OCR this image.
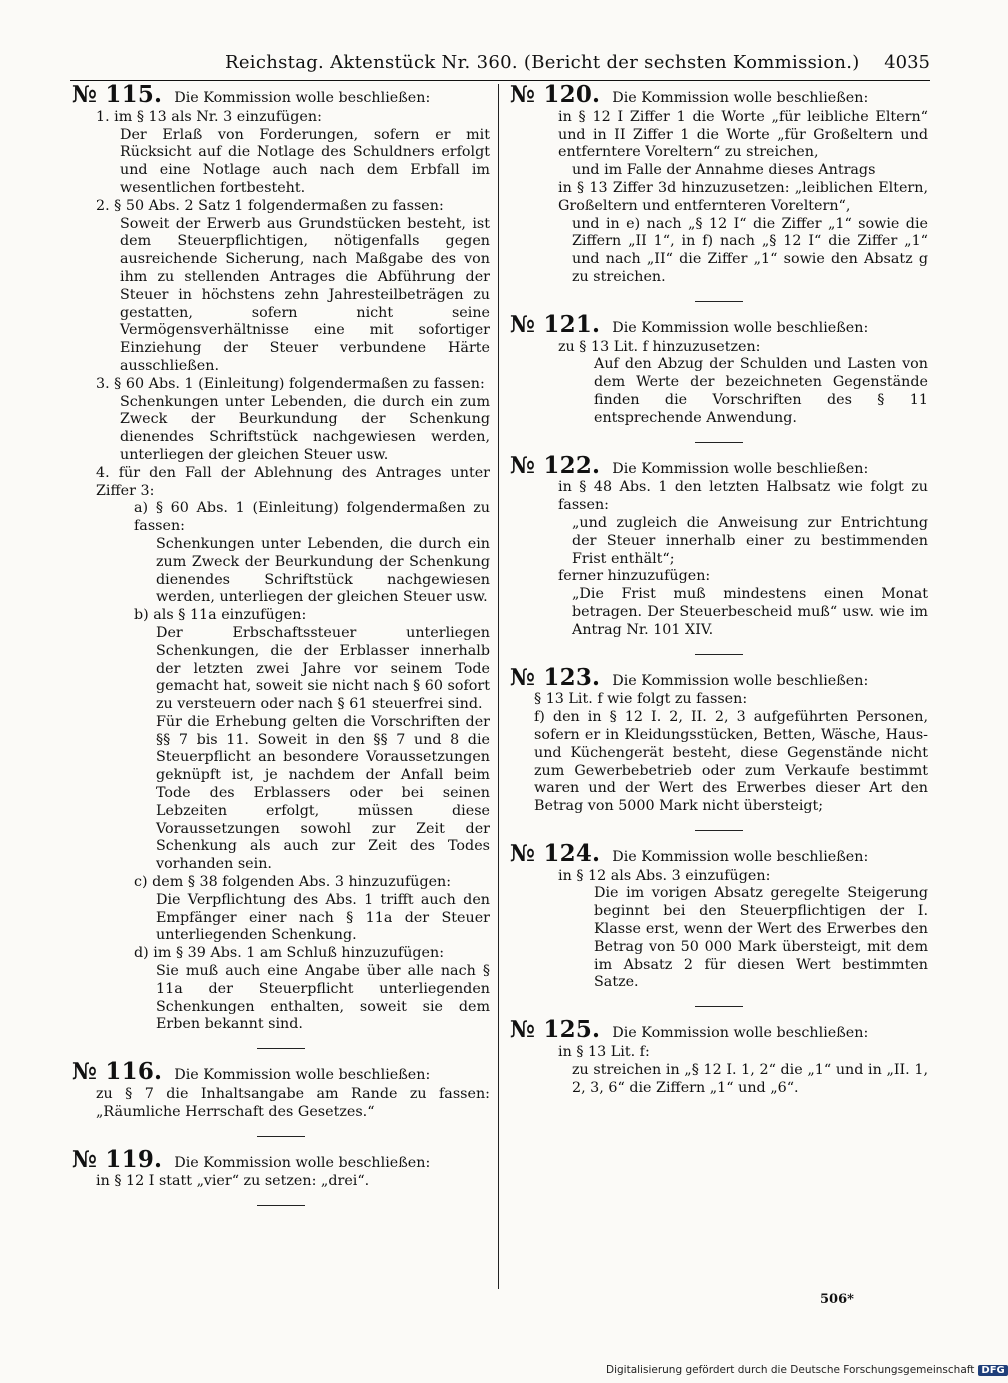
Reichstag. Aktenstück Nr. 360. (Bericht der sechsten Kommission.) 4035
№ 115. Die Kommission wolle beschließen:

1. im § 13 als Nr. 3 einzufügen:

Der Erlaß von Forderungen, sofern er mit Rücksicht auf die Notlage des Schuldners erfolgt und eine Notlage auch nach dem Erbfall im wesentlichen fortbesteht.

2. § 50 Abs. 2 Satz 1 folgendermaßen zu fassen:

Soweit der Erwerb aus Grundstücken besteht, ist dem Steuerpflichtigen, nötigenfalls gegen ausreichende Sicherung, nach Maßgabe des von ihm zu stellenden Antrages die Abführung der Steuer in höchstens zehn Jahresteilbeträgen zu gestatten, sofern nicht seine Vermögensverhältnisse eine mit sofortiger Einziehung der Steuer verbundene Härte ausschließen.

3. § 60 Abs. 1 (Einleitung) folgendermaßen zu fassen:

Schenkungen unter Lebenden, die durch ein zum Zweck der Beurkundung der Schenkung dienendes Schriftstück nachgewiesen werden, unterliegen der gleichen Steuer usw.

4. für den Fall der Ablehnung des Antrages unter Ziffer 3:

a) § 60 Abs. 1 (Einleitung) folgendermaßen zu fassen:

Schenkungen unter Lebenden, die durch ein zum Zweck der Beurkundung der Schenkung dienendes Schriftstück nachgewiesen werden, unterliegen der gleichen Steuer usw.

b) als § 11a einzufügen:

Der Erbschaftssteuer unterliegen Schenkungen, die der Erblasser innerhalb der letzten zwei Jahre vor seinem Tode gemacht hat, soweit sie nicht nach § 60 sofort zu versteuern oder nach § 61 steuerfrei sind.

Für die Erhebung gelten die Vorschriften der §§ 7 bis 11. Soweit in den §§ 7 und 8 die Steuerpflicht an besondere Voraussetzungen geknüpft ist, je nachdem der Anfall beim Tode des Erblassers oder bei seinen Lebzeiten erfolgt, müssen diese Voraussetzungen sowohl zur Zeit der Schenkung als auch zur Zeit des Todes vorhanden sein.

c) dem § 38 folgenden Abs. 3 hinzuzufügen:

Die Verpflichtung des Abs. 1 trifft auch den Empfänger einer nach § 11a der Steuer unterliegenden Schenkung.

d) im § 39 Abs. 1 am Schluß hinzuzufügen:

Sie muß auch eine Angabe über alle nach § 11a der Steuerpflicht unterliegenden Schenkungen enthalten, soweit sie dem Erben bekannt sind.

№ 116. Die Kommission wolle beschließen:

zu § 7 die Inhaltsangabe am Rande zu fassen: „Räumliche Herrschaft des Gesetzes.“

№ 119. Die Kommission wolle beschließen:

in § 12 I statt „vier“ zu setzen: „drei“.

№ 120. Die Kommission wolle beschließen:

in § 12 I Ziffer 1 die Worte „für leibliche Eltern“ und in II Ziffer 1 die Worte „für Großeltern und entferntere Voreltern“ zu streichen,

und im Falle der Annahme dieses Antrags

in § 13 Ziffer 3d hinzuzusetzen: „leiblichen Eltern, Großeltern und entfernteren Voreltern“,

und in e) nach „§ 12 I“ die Ziffer „1“ sowie die Ziffern „II 1“, in f) nach „§ 12 I“ die Ziffer „1“ und nach „II“ die Ziffer „1“ sowie den Absatz g zu streichen.

№ 121. Die Kommission wolle beschließen:

zu § 13 Lit. f hinzuzusetzen:

Auf den Abzug der Schulden und Lasten von dem Werte der bezeichneten Gegenstände finden die Vorschriften des § 11 entsprechende Anwendung.

№ 122. Die Kommission wolle beschließen:

in § 48 Abs. 1 den letzten Halbsatz wie folgt zu fassen:

„und zugleich die Anweisung zur Entrichtung der Steuer innerhalb einer zu bestimmenden Frist enthält“;

ferner hinzuzufügen:

„Die Frist muß mindestens einen Monat betragen. Der Steuerbescheid muß“ usw. wie im Antrag Nr. 101 XIV.

№ 123. Die Kommission wolle beschließen:

§ 13 Lit. f wie folgt zu fassen:

f) den in § 12 I. 2, II. 2, 3 aufgeführten Personen, sofern er in Kleidungsstücken, Betten, Wäsche, Haus- und Küchengerät besteht, diese Gegenstände nicht zum Gewerbebetrieb oder zum Verkaufe bestimmt waren und der Wert des Erwerbes dieser Art den Betrag von 5000 Mark nicht übersteigt;

№ 124. Die Kommission wolle beschließen:

in § 12 als Abs. 3 einzufügen:

Die im vorigen Absatz geregelte Steigerung beginnt bei den Steuerpflichtigen der I. Klasse erst, wenn der Wert des Erwerbes den Betrag von 50 000 Mark übersteigt, mit dem im Absatz 2 für diesen Wert bestimmten Satze.

№ 125. Die Kommission wolle beschließen:

in § 13 Lit. f:

zu streichen in „§ 12 I. 1, 2“ die „1“ und in „II. 1, 2, 3, 6“ die Ziffern „1“ und „6“.

506*
Digitalisierung gefördert durch die Deutsche Forschungsgemeinschaft DFG
